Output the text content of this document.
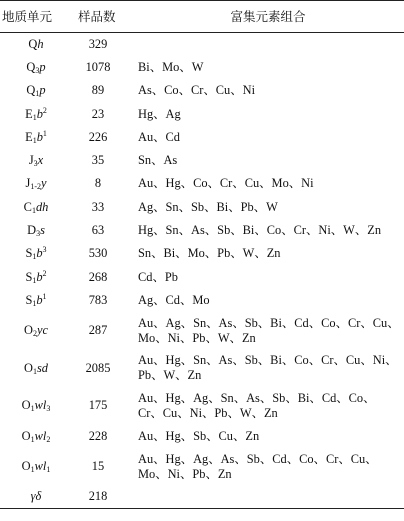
地质单元	样品数	富集元素组合
Qh	329	
$Q_3p$	1078	Bi、Mo、W
$Q_1p$	89	As、Co、Cr、Cu、Ni
$E_1b^2$	23	Hg、Ag
$E_1b^1$	226	Au、Cd
$J_3x$	35	Sn、As
$J_{1-2}y$	8	Au、Hg、Co、Cr、Cu、Mo、Ni
$C_1dh$	33	Ag、Sn、Sb、Bi、Pb、W
$D_3s$	63	Hg、Sn、As、Sb、Bi、Co、Cr、Ni、W、Zn
$S_1b^3$	530	Sn、Bi、Mo、Pb、W、Zn
$S_1b^2$	268	Cd、Pb
$S_1b^1$	783	Ag、Cd、Mo
$O_2yc$	287	Au、Ag、Sn、As、Sb、Bi、Cd、Co、Cr、Cu、Mo、Ni、Pb、W、Zn
$O_1sd$	2085	Au、Hg、Sn、As、Sb、Bi、Co、Cr、Cu、Ni、Pb、W、Zn
$O_1wl_3$	175	Au、Hg、Ag、Sn、As、Sb、Bi、Cd、Co、Cr、Cu、Ni、Pb、W、Zn
$O_1wl_2$	228	Au、Hg、Sb、Cu、Zn
$O_1wl_1$	15	Au、Hg、Ag、As、Sb、Cd、Co、Cr、Cu、Mo、Ni、Pb、Zn
γδ	218	
